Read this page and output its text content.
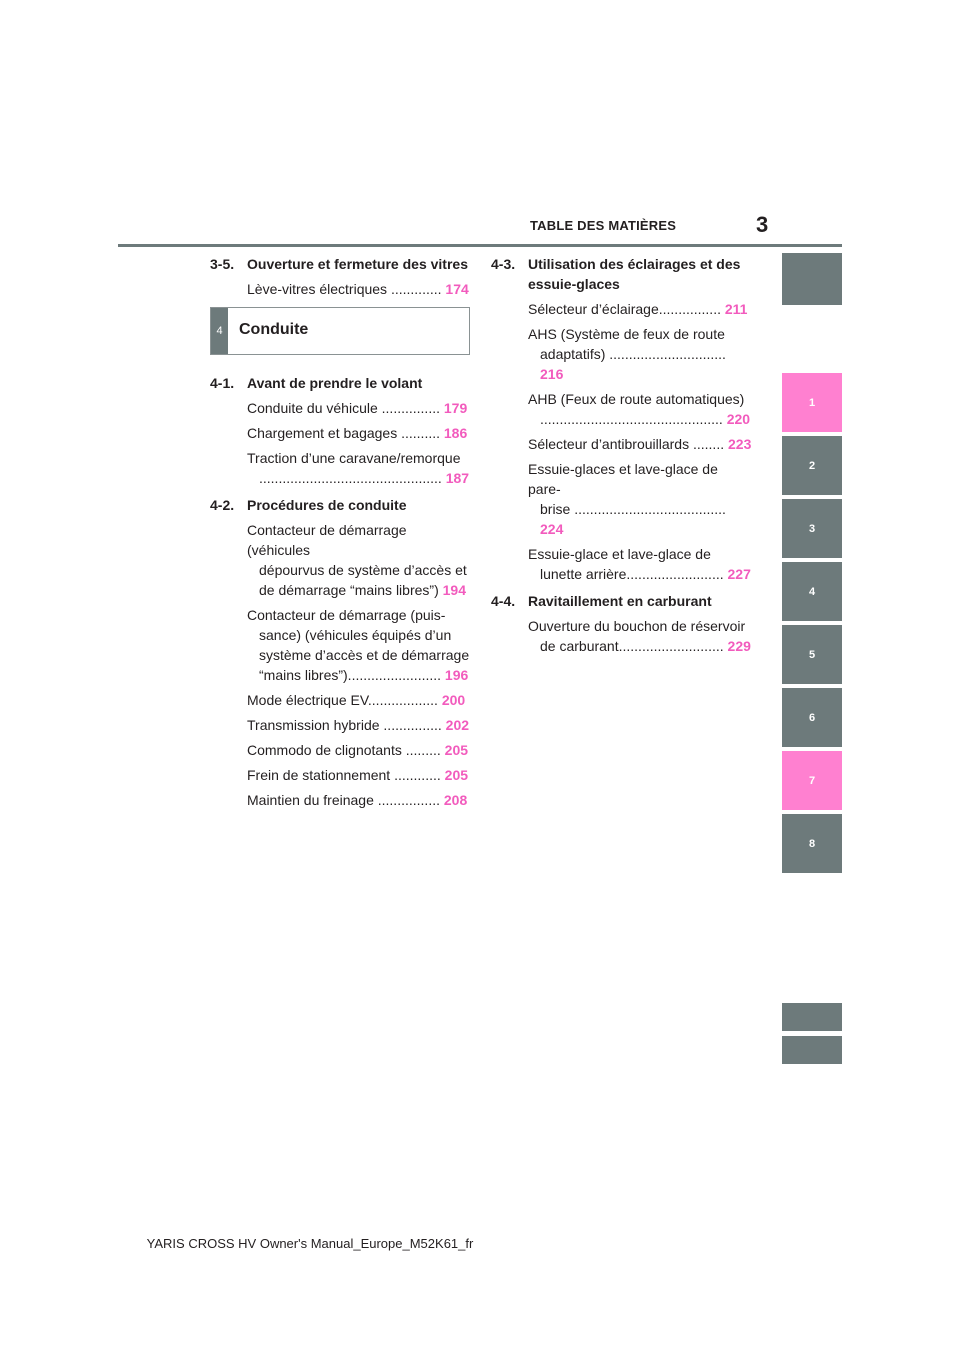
TABLE DES MATIÈRES	3
3-5. Ouverture et fermeture des vitres
Lève-vitres électriques ............. 174
4	Conduite
4-1. Avant de prendre le volant
Conduite du véhicule ............... 179
Chargement et bagages .......... 186
Traction d’une caravane/remorque
............................................... 187
4-2. Procédures de conduite
Contacteur de démarrage (véhicules
dépourvus de système d’accès et
de démarrage “mains libres”) 194
Contacteur de démarrage (puis-
sance) (véhicules équipés d’un
système d’accès et de démarrage
“mains libres”)........................ 196
Mode électrique EV.................. 200
Transmission hybride ............... 202
Commodo de clignotants ......... 205
Frein de stationnement ............ 205
Maintien du freinage ................ 208
4-3. Utilisation des éclairages et des essuie-glaces
Sélecteur d’éclairage................ 211
AHS (Système de feux de route
adaptatifs) .............................. 216
AHB (Feux de route automatiques)
............................................... 220
Sélecteur d’antibrouillards ........ 223
Essuie-glaces et lave-glace de pare-
brise ....................................... 224
Essuie-glace et lave-glace de
lunette arrière......................... 227
4-4. Ravitaillement en carburant
Ouverture du bouchon de réservoir
de carburant........................... 229
1
2
3
4
5
6
7
8
YARIS CROSS HV Owner's Manual_Europe_M52K61_fr
